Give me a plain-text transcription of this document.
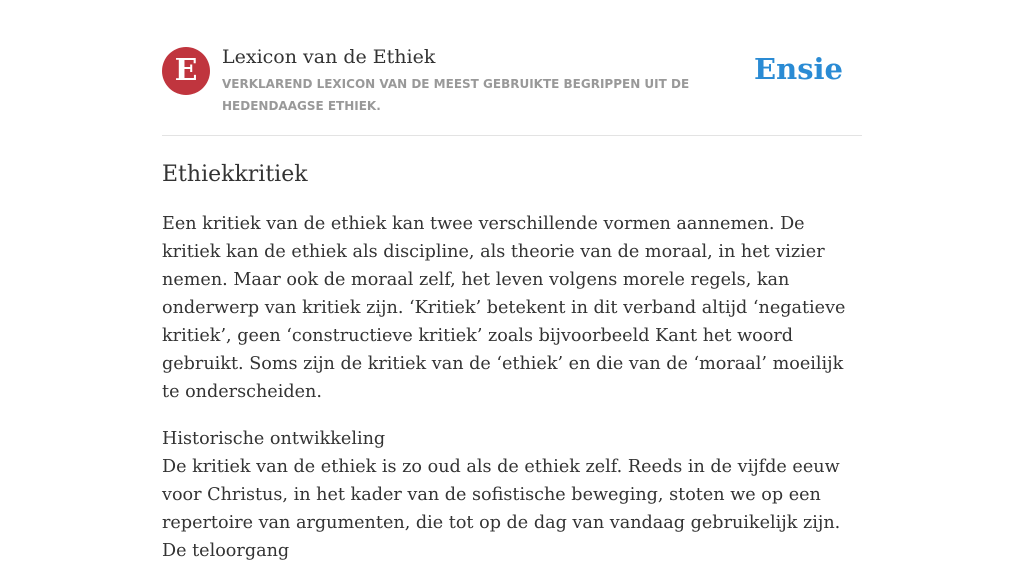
E	Lexicon van de Ethiek
VERKLAREND LEXICON VAN DE MEEST GEBRUIKTE BEGRIPPEN UIT DE HEDENDAAGSE ETHIEK.
Ensie
Ethiekkritiek

Een kritiek van de ethiek kan twee verschillende vormen aannemen. De kritiek kan de ethiek als discipline, als theorie van de moraal, in het vizier nemen. Maar ook de moraal zelf, het leven volgens morele regels, kan onderwerp van kritiek zijn. ‘Kritiek’ betekent in dit verband altijd ‘negatieve kritiek’, geen ‘constructieve kritiek’ zoals bijvoorbeeld Kant het woord gebruikt. Soms zijn de kritiek van de ‘ethiek’ en die van de ‘moraal’ moeilijk te onderscheiden.

Historische ontwikkeling

De kritiek van de ethiek is zo oud als de ethiek zelf. Reeds in de vijfde eeuw voor Christus, in het kader van de sofistische beweging, stoten we op een repertoire van argumenten, die tot op de dag van vandaag gebruikelijk zijn. De teloorgang
